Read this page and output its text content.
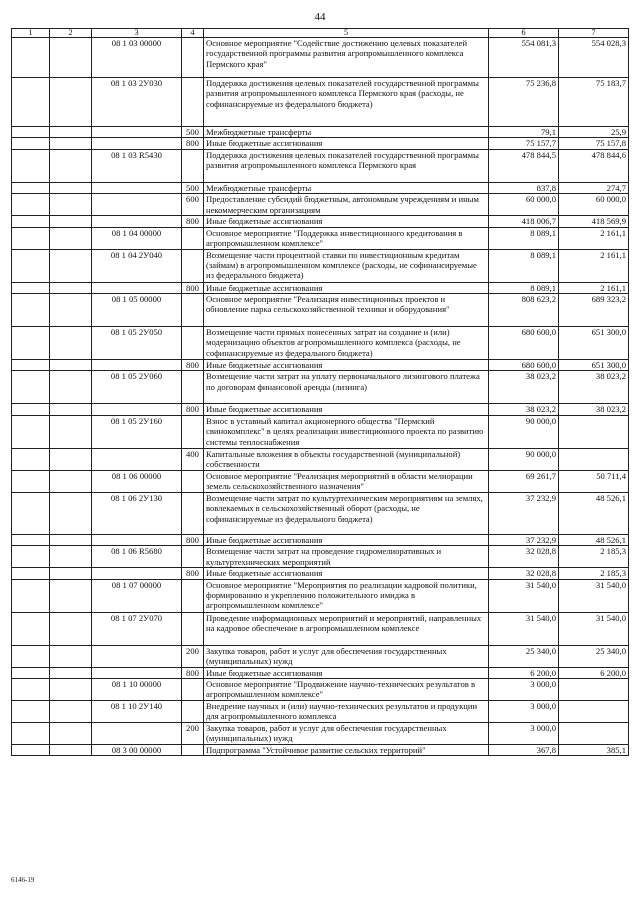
44
1	2	3	4	5	6	7
		08 1 03 00000		Основное мероприятие "Содействие достижению целевых показателей государственной программы развития агропромышленного комплекса Пермского края"	554 081,3	554 028,3
		08 1 03 2У030		Поддержка достижения целевых показателей государственной программы развития агропромышленного комплекса Пермского края (расходы, не софинансируемые из федерального бюджета)	75 236,8	75 183,7
			500	Межбюджетные трансферты	79,1	25,9
			800	Иные бюджетные ассигнования	75 157,7	75 157,8
		08 1 03 R5430		Поддержка достижения целевых показателей государственной программы развития агропромышленного комплекса Пермского края	478 844,5	478 844,6
			500	Межбюджетные трансферты	837,8	274,7
			600	Предоставление субсидий бюджетным, автономным учреждениям и иным некоммерческим организациям	60 000,0	60 000,0
			800	Иные бюджетные ассигнования	418 006,7	418 569,9
		08 1 04 00000		Основное мероприятие "Поддержка инвестиционного кредитования в агропромышленном комплексе"	8 089,1	2 161,1
		08 1 04 2У040		Возмещение части процентной ставки по инвестиционным кредитам (займам) в агропромышленном комплексе (расходы, не софинансируемые из федерального бюджета)	8 089,1	2 161,1
			800	Иные бюджетные ассигнования	8 089,1	2 161,1
		08 1 05 00000		Основное мероприятие "Реализация инвестиционных проектов и обновление парка сельскохозяйственной техники и оборудования"	808 623,2	689 323,2
		08 1 05 2У050		Возмещение части прямых понесенных затрат на создание и (или) модернизацию объектов агропромышленного комплекса (расходы, не софинансируемые из федерального бюджета)	680 600,0	651 300,0
			800	Иные бюджетные ассигнования	680 600,0	651 300,0
		08 1 05 2У060		Возмещение части затрат на уплату первоначального лизингового платежа по договорам финансовой аренды (лизинга)	38 023,2	38 023,2
			800	Иные бюджетные ассигнования	38 023,2	38 023,2
		08 1 05 2У160		Взнос в уставный капитал акционерного общества "Пермский свинокомплекс" в целях реализации инвестиционного проекта по развитию системы теплоснабжения	90 000,0	
			400	Капитальные вложения в объекты государственной (муниципальной) собственности	90 000,0	
		08 1 06 00000		Основное мероприятие "Реализация мероприятий в области мелиорации земель сельскохозяйственного назначения"	69 261,7	50 711,4
		08 1 06 2У130		Возмещение части затрат по культуртехническим мероприятиям на землях, вовлекаемых в сельскохозяйственный оборот (расходы, не софинансируемые из федерального бюджета)	37 232,9	48 526,1
			800	Иные бюджетные ассигнования	37 232,9	48 526,1
		08 1 06 R5680		Возмещение части затрат на проведение гидромелиоративных и культуртехнических мероприятий	32 028,8	2 185,3
			800	Иные бюджетные ассигнования	32 028,8	2 185,3
		08 1 07 00000		Основное мероприятие "Мероприятия по реализации кадровой политики, формированию и укреплению положительного имиджа в агропромышленном комплексе"	31 540,0	31 540,0
		08 1 07 2У070		Проведение информационных мероприятий и мероприятий, направленных на кадровое обеспечение в агропромышленном комплексе	31 540,0	31 540,0
			200	Закупка товаров, работ и услуг для обеспечения государственных (муниципальных) нужд	25 340,0	25 340,0
			800	Иные бюджетные ассигнования	6 200,0	6 200,0
		08 1 10 00000		Основное мероприятие "Продвижение научно-технических результатов в агропромышленном комплексе"	3 000,0	
		08 1 10 2У140		Внедрение научных и (или) научно-технических результатов и продукции для агропромышленного комплекса	3 000,0	
			200	Закупка товаров, работ и услуг для обеспечения государственных (муниципальных) нужд	3 000,0	
		08 3 00 00000		Подпрограмма "Устойчивое развитие сельских территорий"	367,8	385,1
6146-19
